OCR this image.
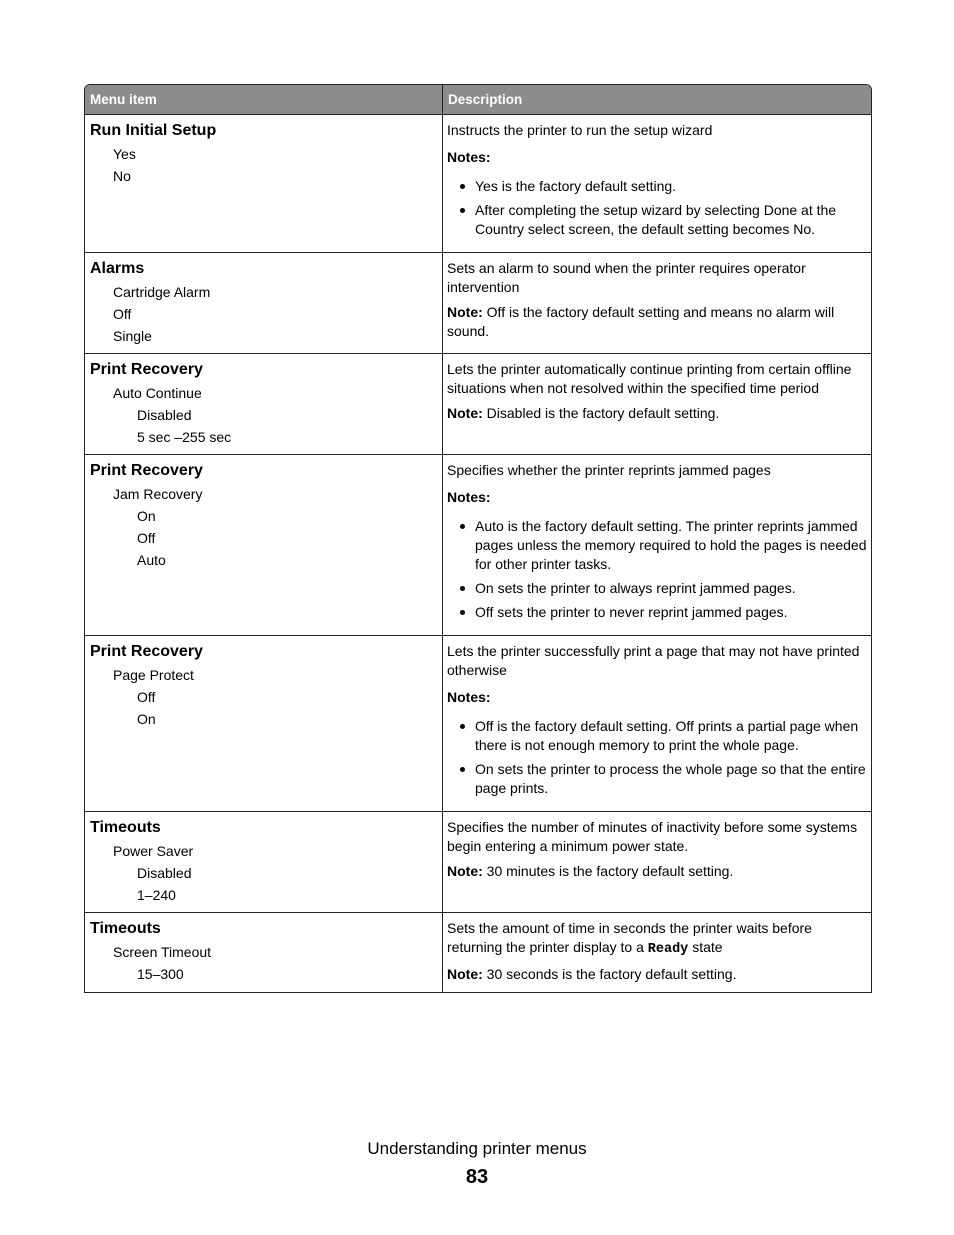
Menu item	Description
Run Initial Setup
Yes
No

Instructs the printer to run the setup wizard

Notes:
Yes is the factory default setting.
After completing the setup wizard by selecting Done at the Country select screen, the default setting becomes No.
Alarms
Cartridge Alarm
Off
Single

Sets an alarm to sound when the printer requires operator intervention

Note: Off is the factory default setting and means no alarm will sound.
Print Recovery
Auto Continue
Disabled
5 sec –255 sec

Lets the printer automatically continue printing from certain offline situations when not resolved within the specified time period

Note: Disabled is the factory default setting.
Print Recovery
Jam Recovery
On
Off
Auto

Specifies whether the printer reprints jammed pages

Notes:
Auto is the factory default setting. The printer reprints jammed pages unless the memory required to hold the pages is needed for other printer tasks.
On sets the printer to always reprint jammed pages.
Off sets the printer to never reprint jammed pages.
Print Recovery
Page Protect
Off
On

Lets the printer successfully print a page that may not have printed otherwise

Notes:
Off is the factory default setting. Off prints a partial page when there is not enough memory to print the whole page.
On sets the printer to process the whole page so that the entire page prints.
Timeouts
Power Saver
Disabled
1–240

Specifies the number of minutes of inactivity before some systems begin entering a minimum power state.

Note: 30 minutes is the factory default setting.
Timeouts
Screen Timeout
15–300

Sets the amount of time in seconds the printer waits before returning the printer display to a Ready state

Note: 30 seconds is the factory default setting.
Understanding printer menus
83
